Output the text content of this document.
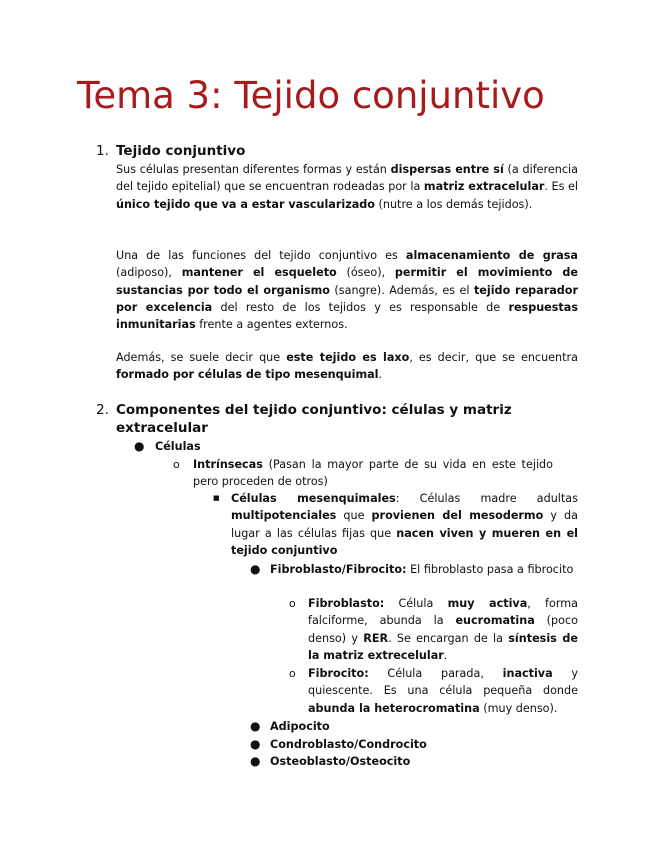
Tema 3: Tejido conjuntivo
1. Tejido conjuntivo

Sus células presentan diferentes formas y están dispersas entre sí (a diferencia del tejido epitelial) que se encuentran rodeadas por la matriz extracelular. Es el único tejido que va a estar vascularizado (nutre a los demás tejidos).

Una de las funciones del tejido conjuntivo es almacenamiento de grasa (adiposo), mantener el esqueleto (óseo), permitir el movimiento de sustancias por todo el organismo (sangre). Además, es el tejido reparador por excelencia del resto de los tejidos y es responsable de respuestas inmunitarias frente a agentes externos.

Además, se suele decir que este tejido es laxo, es decir, que se encuentra formado por células de tipo mesenquimal.

2. Componentes del tejido conjuntivo: células y matriz
extracelular
● Células

o Intrínsecas (Pasan la mayor parte de su vida en este tejido pero proceden de otros)

■ Células mesenquimales: Células madre adultas multipotenciales que provienen del mesodermo y da lugar a las células fijas que nacen viven y mueren en el tejido conjuntivo

● Fibroblasto/Fibrocito: El fibroblasto pasa a fibrocito

o Fibroblasto: Célula muy activa, forma falciforme, abunda la eucromatina (poco denso) y RER. Se encargan de la síntesis de la matriz extrecelular.

o Fibrocito: Célula parada, inactiva y quiescente. Es una célula pequeña donde abunda la heterocromatina (muy denso).

● Adipocito

● Condroblasto/Condrocito

● Osteoblasto/Osteocito
